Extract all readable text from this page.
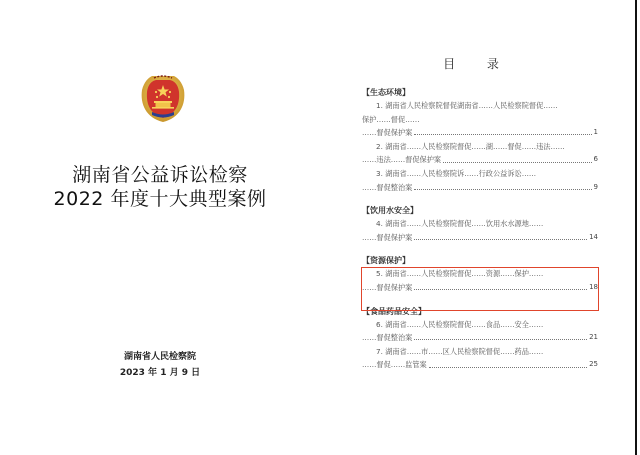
湖南省公益诉讼检察
2022 年度十大典型案例
湖南省人民检察院
2023 年 1 月 9 日
目 录
【生态环境】
1. 湖南省人民检察院督促湖南省……人民检察院督促……
保护……督促……
……督促保护案	1
2. 湖南省……人民检察院督促……湖……督促……违法……
……违法……督促保护案	6
3. 湖南省……人民检察院诉……行政公益诉讼……
……督促整治案	9
【饮用水安全】
4. 湖南省……人民检察院督促……饮用水水源地……
……督促保护案	14
【资源保护】
5. 湖南省……人民检察院督促……资源……保护……
……督促保护案	18
【食品药品安全】
6. 湖南省……人民检察院督促……食品……安全……
……督促整治案	21
7. 湖南省……市……区人民检察院督促……药品……
……督促……监管案	25
